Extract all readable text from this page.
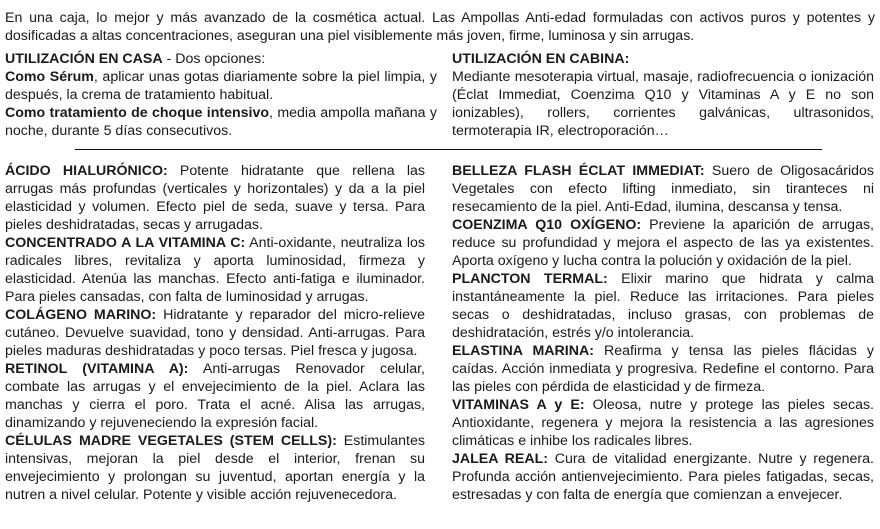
En una caja, lo mejor y más avanzado de la cosmética actual. Las Ampollas Anti-edad formuladas con activos puros y potentes y dosificadas a altas concentraciones, aseguran una piel visiblemente más joven, firme, luminosa y sin arrugas.

UTILIZACIÓN EN CASA - Dos opciones:

Como Sérum, aplicar unas gotas diariamente sobre la piel limpia, y después, la crema de tratamiento habitual.

Como tratamiento de choque intensivo, media ampolla mañana y noche, durante 5 días consecutivos.

UTILIZACIÓN EN CABINA:

Mediante mesoterapia virtual, masaje, radiofrecuencia o ionización (Éclat Immediat, Coenzima Q10 y Vitaminas A y E no son ionizables), rollers, corrientes galvánicas, ultrasonidos, termoterapia IR, electroporación…

ÁCIDO HIALURÓNICO: Potente hidratante que rellena las arrugas más profundas (verticales y horizontales) y da a la piel elasticidad y volumen. Efecto piel de seda, suave y tersa. Para pieles deshidratadas, secas y arrugadas.

CONCENTRADO A LA VITAMINA C: Anti-oxidante, neutraliza los radicales libres, revitaliza y aporta luminosidad, firmeza y elasticidad. Atenúa las manchas. Efecto anti-fatiga e iluminador. Para pieles cansadas, con falta de luminosidad y arrugas.

COLÁGENO MARINO: Hidratante y reparador del micro-relieve cutáneo. Devuelve suavidad, tono y densidad. Anti-arrugas. Para pieles maduras deshidratadas y poco tersas. Piel fresca y jugosa.

RETINOL (VITAMINA A): Anti-arrugas Renovador celular, combate las arrugas y el envejecimiento de la piel. Aclara las manchas y cierra el poro. Trata el acné. Alisa las arrugas, dinamizando y rejuveneciendo la expresión facial.

CÉLULAS MADRE VEGETALES (STEM CELLS): Estimulantes intensivas, mejoran la piel desde el interior, frenan su envejecimiento y prolongan su juventud, aportan energía y la nutren a nivel celular. Potente y visible acción rejuvenecedora.

BELLEZA FLASH ÉCLAT IMMEDIAT: Suero de Oligosacáridos Vegetales con efecto lifting inmediato, sin tiranteces ni resecamiento de la piel. Anti-Edad, ilumina, descansa y tensa.

COENZIMA Q10 OXÍGENO: Previene la aparición de arrugas, reduce su profundidad y mejora el aspecto de las ya existentes. Aporta oxígeno y lucha contra la polución y oxidación de la piel.

PLANCTON TERMAL: Elixir marino que hidrata y calma instantáneamente la piel. Reduce las irritaciones. Para pieles secas o deshidratadas, incluso grasas, con problemas de deshidratación, estrés y/o intolerancia.

ELASTINA MARINA: Reafirma y tensa las pieles flácidas y caídas. Acción inmediata y progresiva. Redefine el contorno. Para las pieles con pérdida de elasticidad y de firmeza.

VITAMINAS A y E: Oleosa, nutre y protege las pieles secas. Antioxidante, regenera y mejora la resistencia a las agresiones climáticas e inhibe los radicales libres.

JALEA REAL: Cura de vitalidad energizante. Nutre y regenera. Profunda acción antienvejecimiento. Para pieles fatigadas, secas, estresadas y con falta de energía que comienzan a envejecer.
